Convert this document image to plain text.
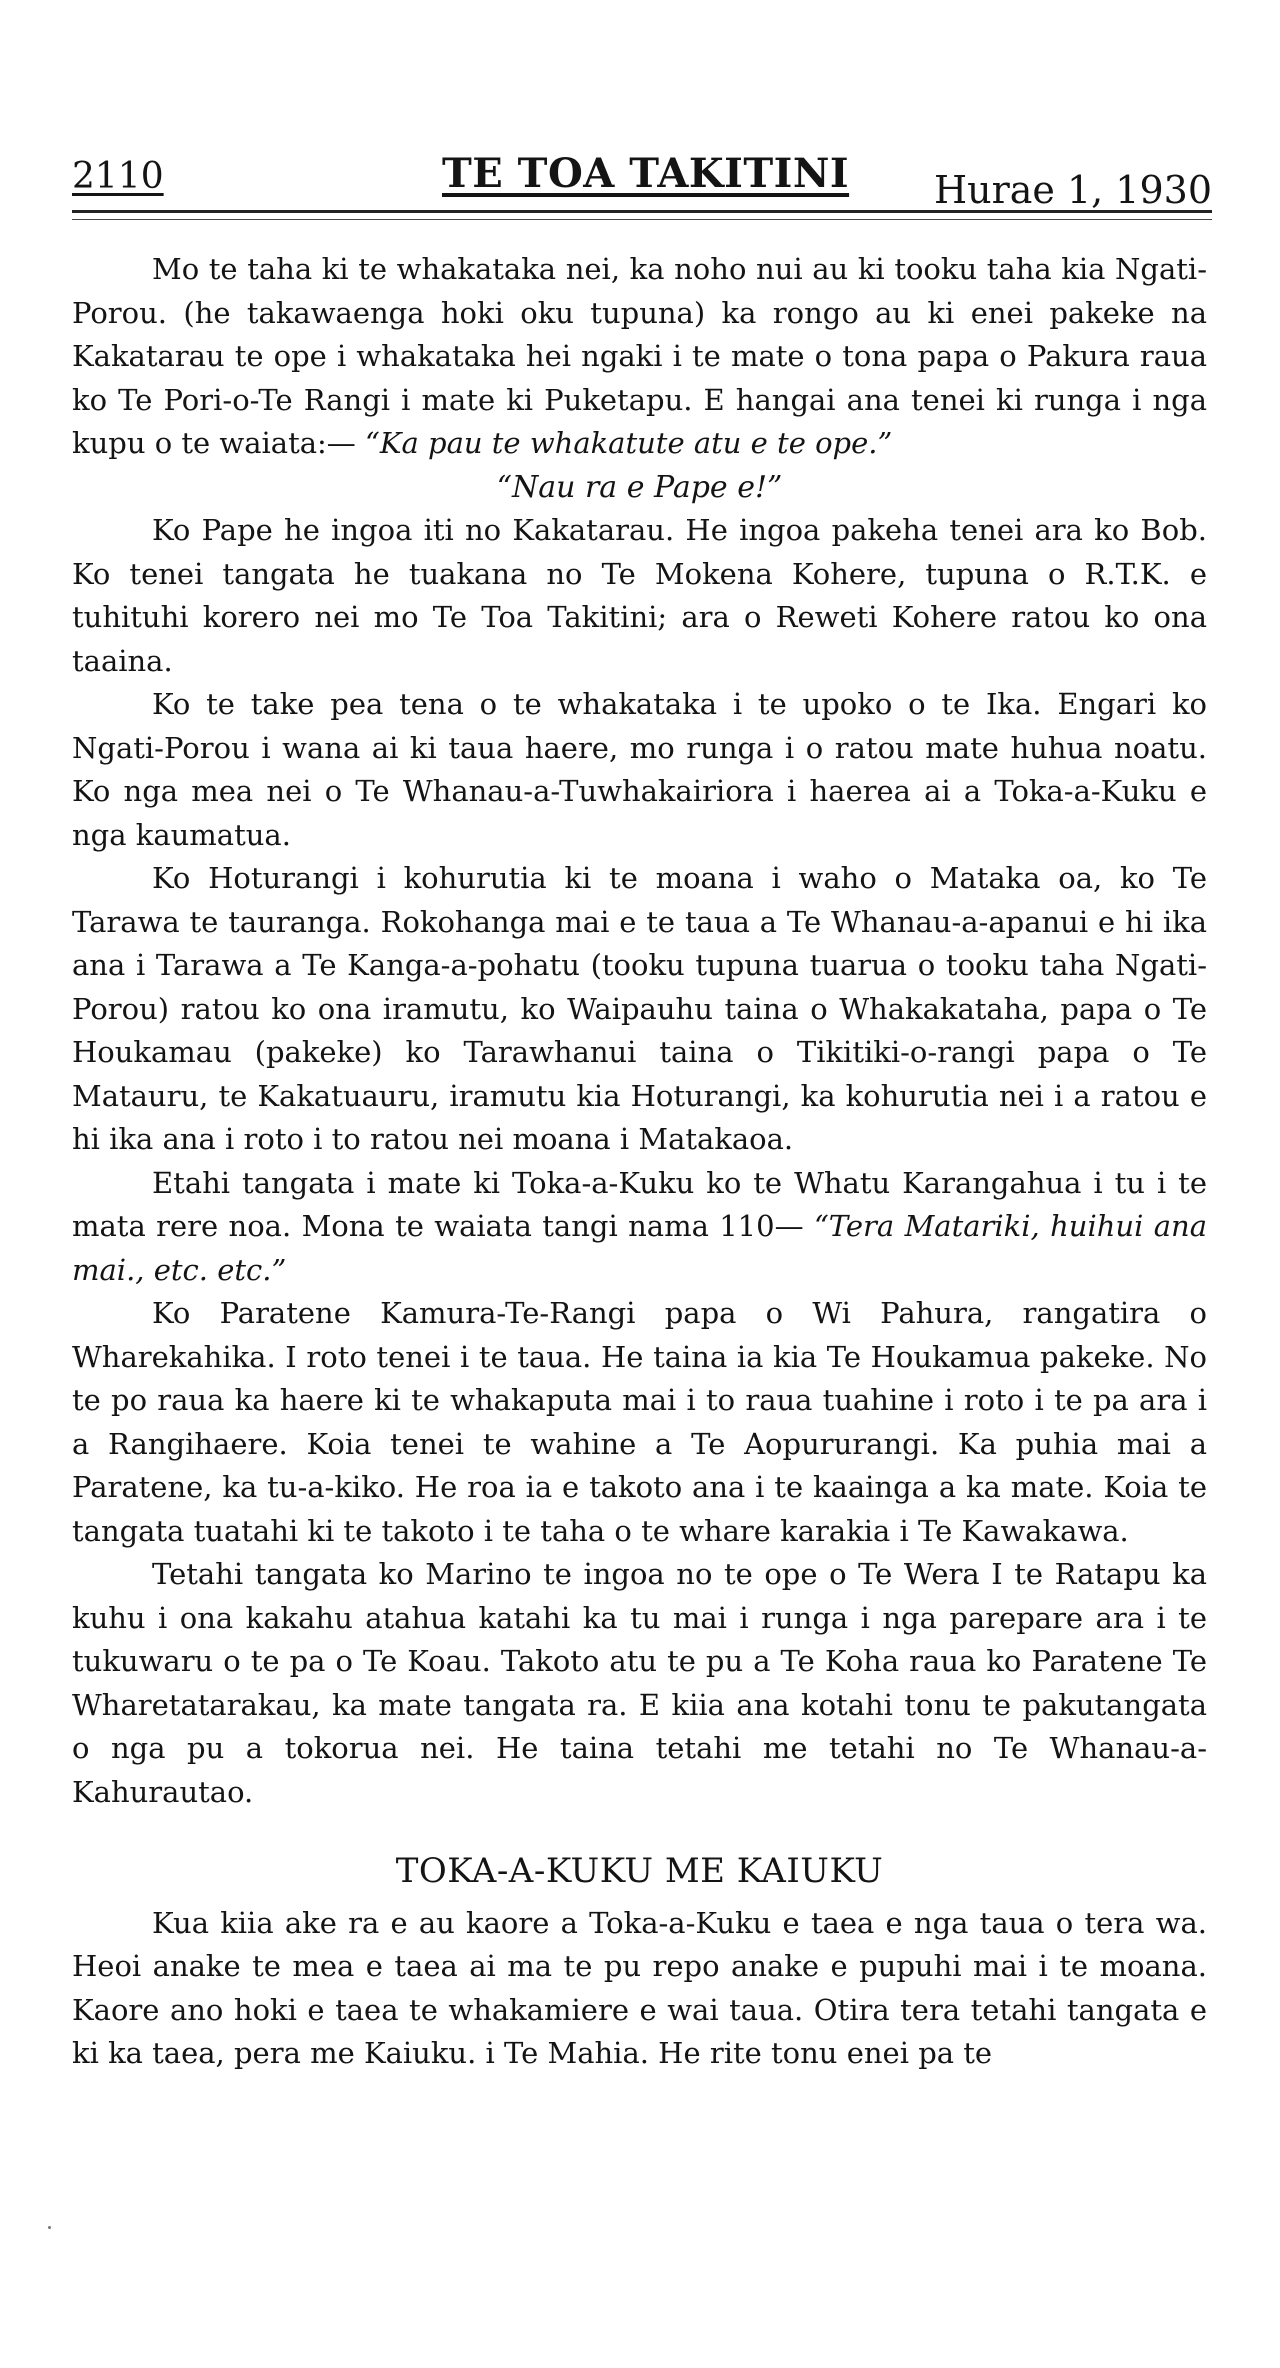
2110	TE TOA TAKITINI Hurae 1, 1930

Mo te taha ki te whakataka nei, ka noho nui au ki tooku taha kia Ngati-Porou. (he takawaenga hoki oku tupuna) ka rongo au ki enei pakeke na Kakatarau te ope i whakataka hei ngaki i te mate o tona papa o Pakura raua ko Te Pori-o-Te Rangi i mate ki Puketapu. E hangai ana tenei ki runga i nga kupu o te waiata:— “Ka pau te whakatute atu e te ope.”

“Nau ra e Pape e!”

Ko Pape he ingoa iti no Kakatarau. He ingoa pakeha tenei ara ko Bob. Ko tenei tangata he tuakana no Te Mokena Kohere, tupuna o R.T.K. e tuhituhi korero nei mo Te Toa Takitini; ara o Reweti Kohere ratou ko ona taaina.

Ko te take pea tena o te whakataka i te upoko o te Ika. Engari ko Ngati-Porou i wana ai ki taua haere, mo runga i o ratou mate huhua noatu. Ko nga mea nei o Te Whanau-a-Tuwhakairiora i haerea ai a Toka-a-Kuku e nga kaumatua.

Ko Hoturangi i kohurutia ki te moana i waho o Mataka oa, ko Te Tarawa te tauranga. Rokohanga mai e te taua a Te Whanau-a-apanui e hi ika ana i Tarawa a Te Kanga-a-pohatu (tooku tupuna tuarua o tooku taha Ngati-Porou) ratou ko ona iramutu, ko Waipauhu taina o Whakakataha, papa o Te Houkamau (pakeke) ko Tarawhanui taina o Tikitiki-o-rangi papa o Te Matauru, te Kakatuauru, iramutu kia Hoturangi, ka kohurutia nei i a ratou e hi ika ana i roto i to ratou nei moana i Matakaoa.

Etahi tangata i mate ki Toka-a-Kuku ko te Whatu Karangahua i tu i te mata rere noa. Mona te waiata tangi nama 110— “Tera Matariki, huihui ana mai., etc. etc.”

Ko Paratene Kamura-Te-Rangi papa o Wi Pahura, rangatira o Wharekahika. I roto tenei i te taua. He taina ia kia Te Houkamua pakeke. No te po raua ka haere ki te whakaputa mai i to raua tuahine i roto i te pa ara i a Rangihaere. Koia tenei te wahine a Te Aopururangi. Ka puhia mai a Paratene, ka tu-a-kiko. He roa ia e takoto ana i te kaainga a ka mate. Koia te tangata tuatahi ki te takoto i te taha o te whare karakia i Te Kawakawa.

Tetahi tangata ko Marino te ingoa no te ope o Te Wera I te Ratapu ka kuhu i ona kakahu atahua katahi ka tu mai i runga i nga parepare ara i te tukuwaru o te pa o Te Koau. Takoto atu te pu a Te Koha raua ko Paratene Te Wharetatarakau, ka mate tangata ra. E kiia ana kotahi tonu te pakutangata o nga pu a tokorua nei. He taina tetahi me tetahi no Te Whanau-a-Kahurautao.

TOKA-A-KUKU ME KAIUKU

Kua kiia ake ra e au kaore a Toka-a-Kuku e taea e nga taua o tera wa. Heoi anake te mea e taea ai ma te pu repo anake e pupuhi mai i te moana. Kaore ano hoki e taea te whakamiere e wai taua. Otira tera tetahi tangata e ki ka taea, pera me Kaiuku. i Te Mahia. He rite tonu enei pa te
